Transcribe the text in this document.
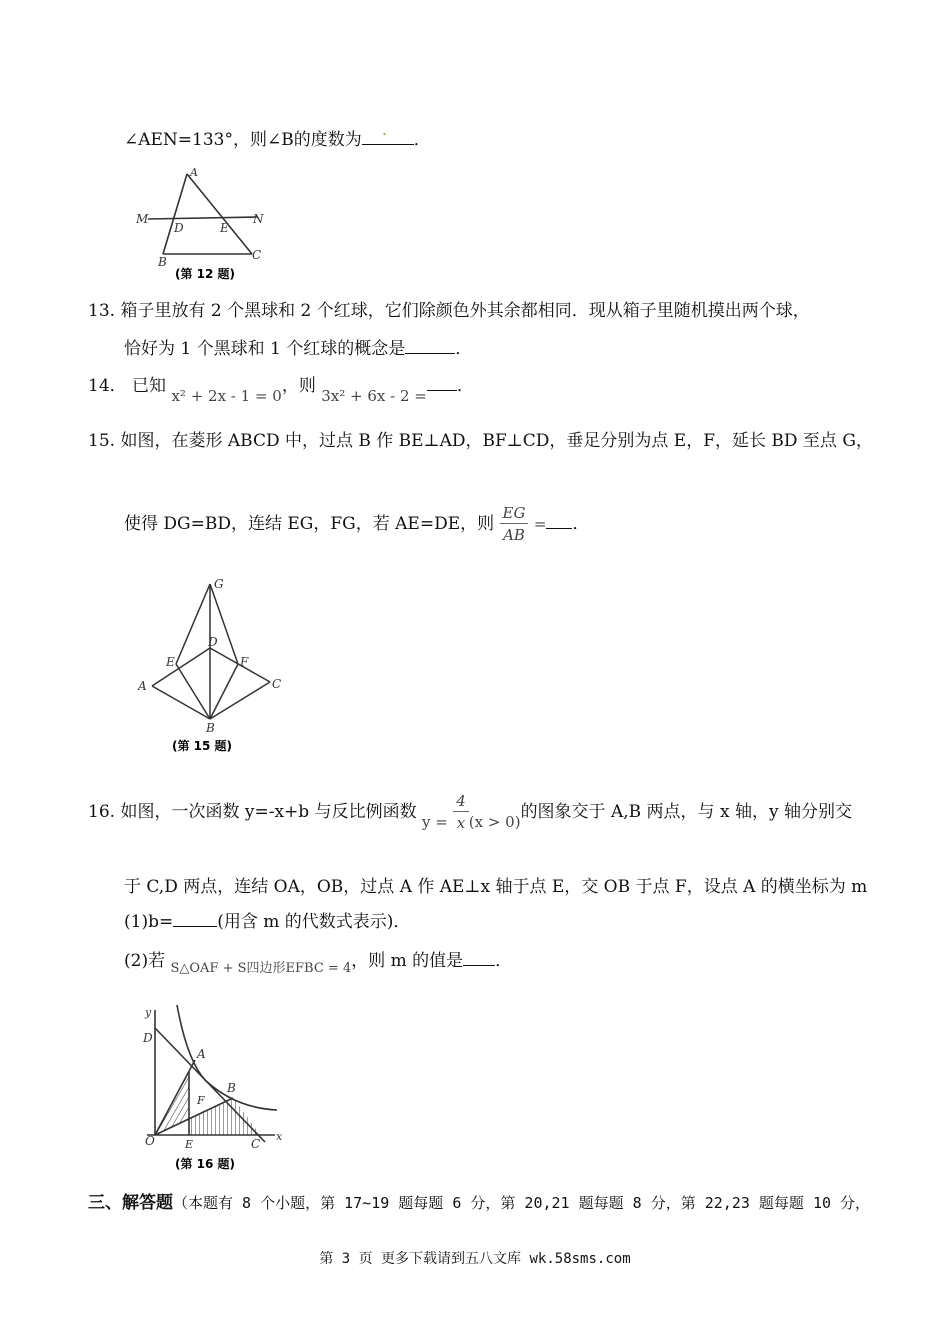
∠AEN=133°，则∠B的度数为 · ．
A
M	N
D	E
B	C
(第 12 题)
13. 箱子里放有 2 个黑球和 2 个红球，它们除颜色外其余都相同．现从箱子里随机摸出两个球，
恰好为 1 个黑球和 1 个红球的概念是	．
14． 已知 x² + 2x - 1 = 0，则 3x² + 6x - 2 = ．
15. 如图，在菱形 ABCD 中，过点 B 作 BE⊥AD，BF⊥CD，垂足分别为点 E，F，延长 BD 至点 G，
使得 DG=BD，连结 EG，FG，若 AE=DE，则 $\frac{EG}{AB}$ = ．
G
E
D
F
A	C
B
(第 15 题)
16. 如图，一次函数 y=-x+b 与反比例函数 $y = \frac{4}{x} (x > 0)$的图象交于 A,B 两点，与 x 轴，y 轴分别交
于 C,D 两点，连结 OA，OB，过点 A 作 AE⊥x 轴于点 E，交 OB 于点 F，设点 A 的横坐标为 m
(1)b=	(用含 m 的代数式表示)．
(2)若 $_{S\triangle OAF + S四边形EFBC = 4}$，则 m 的值是 ．
y
D
A
B
F
O	E	C
x
(第 16 题)
三、解答题（本题有 8 个小题，第 17~19 题每题 6 分，第 20,21 题每题 8 分，第 22,23 题每题 10 分，
第 3 页 更多下载请到五八文库 wk.58sms.com
